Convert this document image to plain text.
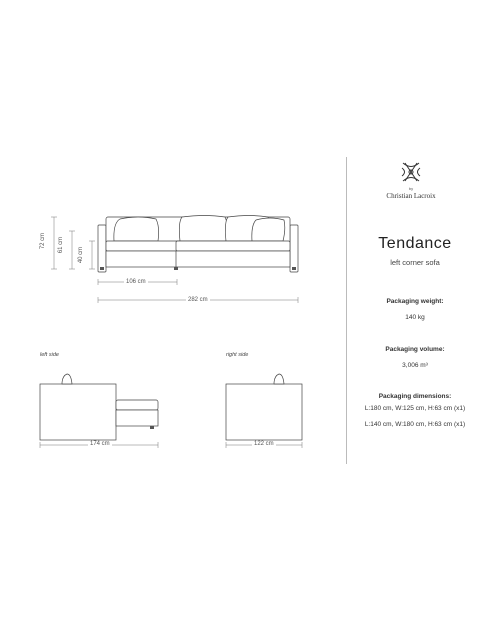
72 cm 61 cm
40 cm
106 cm
282 cm
left side
174 cm
right side
122 cm
by
Christian Lacroix
Tendance
left corner sofa
Packaging weight:
140 kg
Packaging volume:
3,006 m³
Packaging dimensions:
L:180 cm, W:125 cm, H:63 cm (x1)
L:140 cm, W:180 cm, H:63 cm (x1)
